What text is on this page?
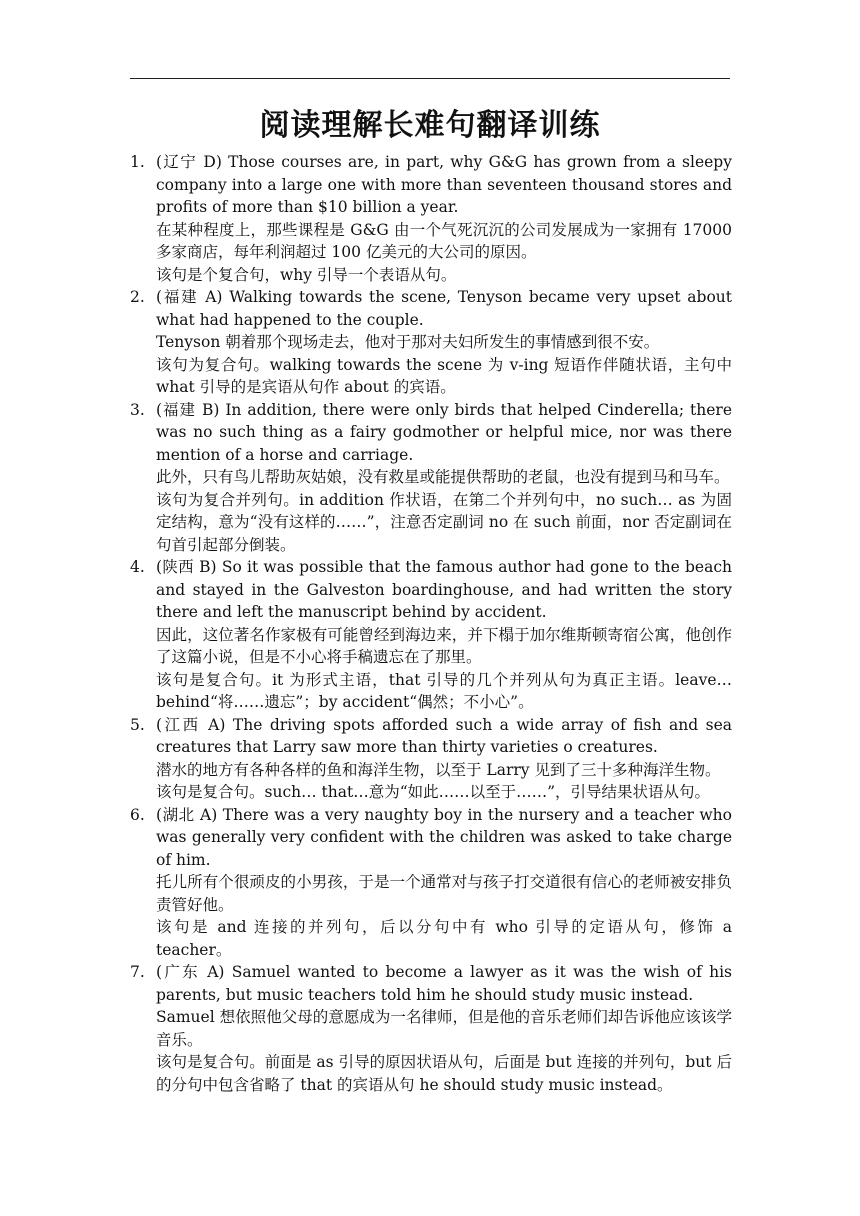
阅读理解长难句翻译训练
1. (辽宁 D) Those courses are, in part, why G&G has grown from a sleepy company into a large one with more than seventeen thousand stores and profits of more than $10 billion a year.
在某种程度上，那些课程是 G&G 由一个气死沉沉的公司发展成为一家拥有 17000 多家商店，每年利润超过 100 亿美元的大公司的原因。
该句是个复合句，why 引导一个表语从句。
2. (福建 A) Walking towards the scene, Tenyson became very upset about what had happened to the couple.
Tenyson 朝着那个现场走去，他对于那对夫妇所发生的事情感到很不安。
该句为复合句。walking towards the scene 为 v-ing 短语作伴随状语，主句中 what 引导的是宾语从句作 about 的宾语。
3. (福建 B) In addition, there were only birds that helped Cinderella; there was no such thing as a fairy godmother or helpful mice, nor was there mention of a horse and carriage.
此外，只有鸟儿帮助灰姑娘，没有救星或能提供帮助的老鼠，也没有提到马和马车。
该句为复合并列句。in addition 作状语，在第二个并列句中，no such… as 为固定结构，意为“没有这样的……”，注意否定副词 no 在 such 前面，nor 否定副词在句首引起部分倒装。
4. (陕西 B) So it was possible that the famous author had gone to the beach and stayed in the Galveston boardinghouse, and had written the story there and left the manuscript behind by accident.
因此，这位著名作家极有可能曾经到海边来，并下榻于加尔维斯顿寄宿公寓，他创作了这篇小说，但是不小心将手稿遗忘在了那里。
该句是复合句。it 为形式主语，that 引导的几个并列从句为真正主语。leave… behind“将……遗忘”；by accident“偶然；不小心”。
5. (江西 A) The driving spots afforded such a wide array of fish and sea creatures that Larry saw more than thirty varieties o creatures.
潜水的地方有各种各样的鱼和海洋生物，以至于 Larry 见到了三十多种海洋生物。
该句是复合句。such… that…意为“如此……以至于……”，引导结果状语从句。
6. (湖北 A) There was a very naughty boy in the nursery and a teacher who was generally very confident with the children was asked to take charge of him.
托儿所有个很顽皮的小男孩，于是一个通常对与孩子打交道很有信心的老师被安排负责管好他。
该句是 and 连接的并列句，后以分句中有 who 引导的定语从句，修饰 a teacher。
7. (广东 A) Samuel wanted to become a lawyer as it was the wish of his parents, but music teachers told him he should study music instead.
Samuel 想依照他父母的意愿成为一名律师，但是他的音乐老师们却告诉他应该该学音乐。
该句是复合句。前面是 as 引导的原因状语从句，后面是 but 连接的并列句，but 后的分句中包含省略了 that 的宾语从句 he should study music instead。
